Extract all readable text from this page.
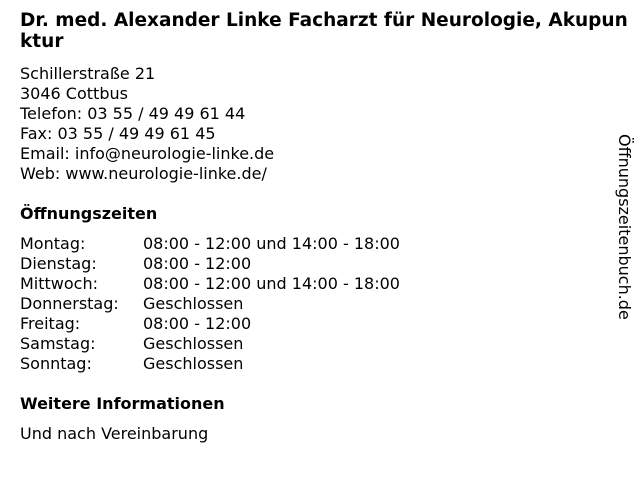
Dr. med. Alexander Linke Facharzt für Neurologie, Akupunktur
Schillerstraße 21
3046 Cottbus
Telefon: 03 55 / 49 49 61 44
Fax: 03 55 / 49 49 61 45
Email: info@neurologie-linke.de
Web: www.neurologie-linke.de/
Öffnungszeiten
Montag:	08:00 - 12:00 und 14:00 - 18:00
Dienstag:	08:00 - 12:00
Mittwoch:	08:00 - 12:00 und 14:00 - 18:00
Donnerstag: Geschlossen
Freitag:	08:00 - 12:00
Samstag:	Geschlossen
Sonntag:	Geschlossen
Weitere Informationen
Und nach Vereinbarung
Öffnungszeitenbuch.de
